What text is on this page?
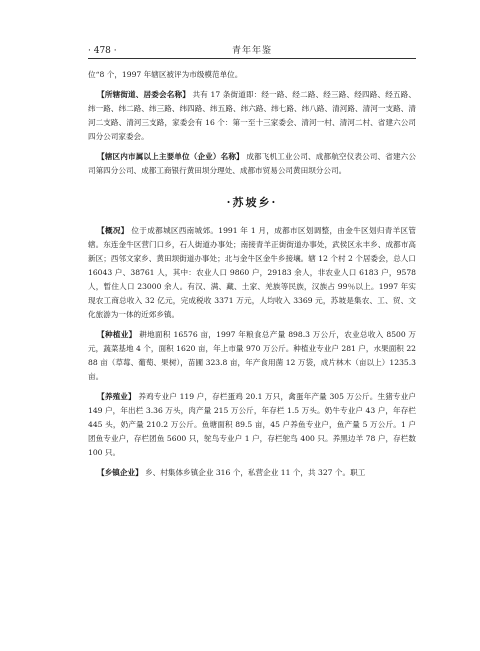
· 478 ·	青年年鉴

位“8 个，1997 年辖区被评为市级模范单位。

【所辖街道、居委会名称】 共有 17 条街道即：经一路、经二路、经三路、经四路、经五路、纬一路、纬二路、纬三路、纬四路、纬五路、纬六路、纬七路、纬八路、清河路、清河一支路、清河二支路、清河三支路，家委会有 16 个：第一至十三家委会、清河一村、清河二村、省建六公司四分公司家委会。

【辖区内市属以上主要单位（企业）名称】 成都飞机工业公司、成都航空仪表公司、省建六公司第四分公司、成都工商银行黄田坝分理处、成都市贸易公司黄田坝分公司。

·苏坡乡·

【概况】 位于成都城区西南城郊。1991 年 1 月，成都市区划调整，由金牛区划归青羊区管辖。东连金牛区营门口乡，石人街道办事处；南接青羊正街街道办事处，武侯区永丰乡、成都市高新区；西邻文家乡、黄田坝街道办事处；北与金牛区金牛乡接壤。辖 12 个村 2 个居委会，总人口 16043 户、38761 人，其中：农业人口 9860 户，29183 余人，非农业人口 6183 户，9578 人，暂住人口 23000 余人。有汉、满、藏、土家、羌族等民族，汉族占 99％以上。1997 年实现农工商总收入 32 亿元，完成税收 3371 万元，人均收入 3369 元，苏坡是集农、工、贸、文化旅游为一体的近郊乡镇。

【种植业】 耕地面积 16576 亩，1997 年粮食总产量 898.3 万公斤，农业总收入 8500 万元，蔬菜基地 4 个，面积 1620 亩，年上市量 970 万公斤。种植业专业户 281 户，水果面积 2288 亩（草莓、葡萄、果树），苗圃 323.8 亩，年产食用菌 12 万袋，成片林木（亩以上）1235.3 亩。

【养殖业】 养鸡专业户 119 户，存栏蛋鸡 20.1 万只，禽蛋年产量 305 万公斤。生猪专业户 149 户，年出栏 3.36 万头，肉产量 215 万公斤，年存栏 1.5 万头。奶牛专业户 43 户，年存栏 445 头，奶产量 210.2 万公斤。鱼塘面积 89.5 亩，45 户养鱼专业户，鱼产量 5 万公斤。1 户团鱼专业户，存栏团鱼 5600 只，鸵鸟专业户 1 户，存栏鸵鸟 400 只。养黑边羊 78 户，存栏数 100 只。

【乡镇企业】 乡、村集体乡镇企业 316 个，私营企业 11 个，共 327 个。职工
